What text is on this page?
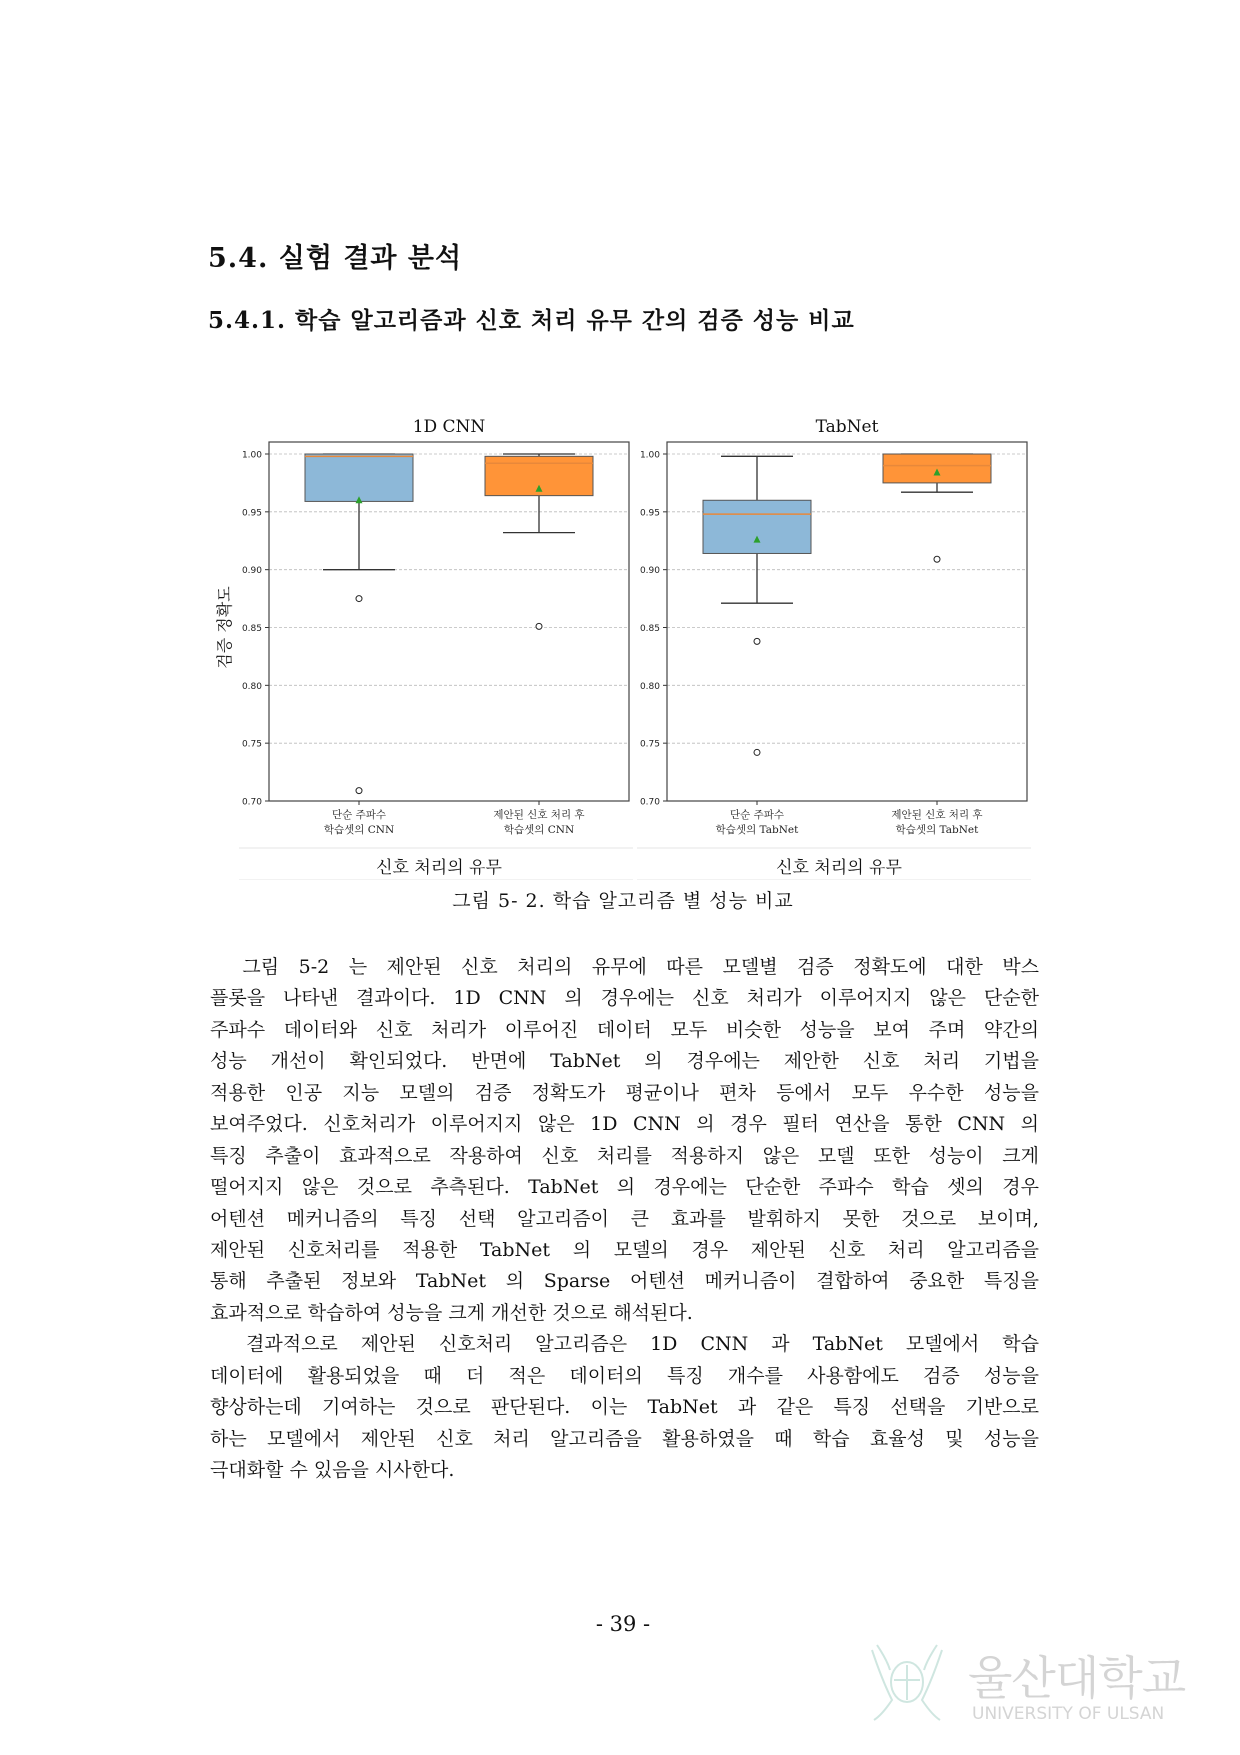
5.4. 실험 결과 분석
5.4.1. 학습 알고리즘과 신호 처리 유무 간의 검증 성능 비교
0.70
0.75
0.80
0.85
0.90
0.95
1.00
1D CNN
단순 주파수
학습셋의 CNN
제안된 신호 처리 후
학습셋의 CNN
신호 처리의 유무
검증 정확도
0.70
0.75
0.80
0.85
0.90
0.95
1.00
TabNet
단순 주파수
학습셋의 TabNet
제안된 신호 처리 후
학습셋의 TabNet
신호 처리의 유무
그림 5- 2. 학습 알고리즘 별 성능 비교
　그림 5-2 는 제안된 신호 처리의 유무에 따른 모델별 검증 정확도에 대한 박스
플롯을 나타낸 결과이다. 1D CNN 의 경우에는 신호 처리가 이루어지지 않은 단순한
주파수 데이터와 신호 처리가 이루어진 데이터 모두 비슷한 성능을 보여 주며 약간의
성능 개선이 확인되었다. 반면에 TabNet 의 경우에는 제안한 신호 처리 기법을
적용한 인공 지능 모델의 검증 정확도가 평균이나 편차 등에서 모두 우수한 성능을
보여주었다. 신호처리가 이루어지지 않은 1D CNN 의 경우 필터 연산을 통한 CNN 의
특징 추출이 효과적으로 작용하여 신호 처리를 적용하지 않은 모델 또한 성능이 크게
떨어지지 않은 것으로 추측된다. TabNet 의 경우에는 단순한 주파수 학습 셋의 경우
어텐션 메커니즘의 특징 선택 알고리즘이 큰 효과를 발휘하지 못한 것으로 보이며,
제안된 신호처리를 적용한 TabNet 의 모델의 경우 제안된 신호 처리 알고리즘을
통해 추출된 정보와 TabNet 의 Sparse 어텐션 메커니즘이 결합하여 중요한 특징을
효과적으로 학습하여 성능을 크게 개선한 것으로 해석된다.
　결과적으로 제안된 신호처리 알고리즘은 1D CNN 과 TabNet 모델에서 학습
데이터에 활용되었을 때 더 적은 데이터의 특징 개수를 사용함에도 검증 성능을
향상하는데 기여하는 것으로 판단된다. 이는 TabNet 과 같은 특징 선택을 기반으로
하는 모델에서 제안된 신호 처리 알고리즘을 활용하였을 때 학습 효율성 및 성능을
극대화할 수 있음을 시사한다.
- 39 -
울산대학교
UNIVERSITY OF ULSAN
